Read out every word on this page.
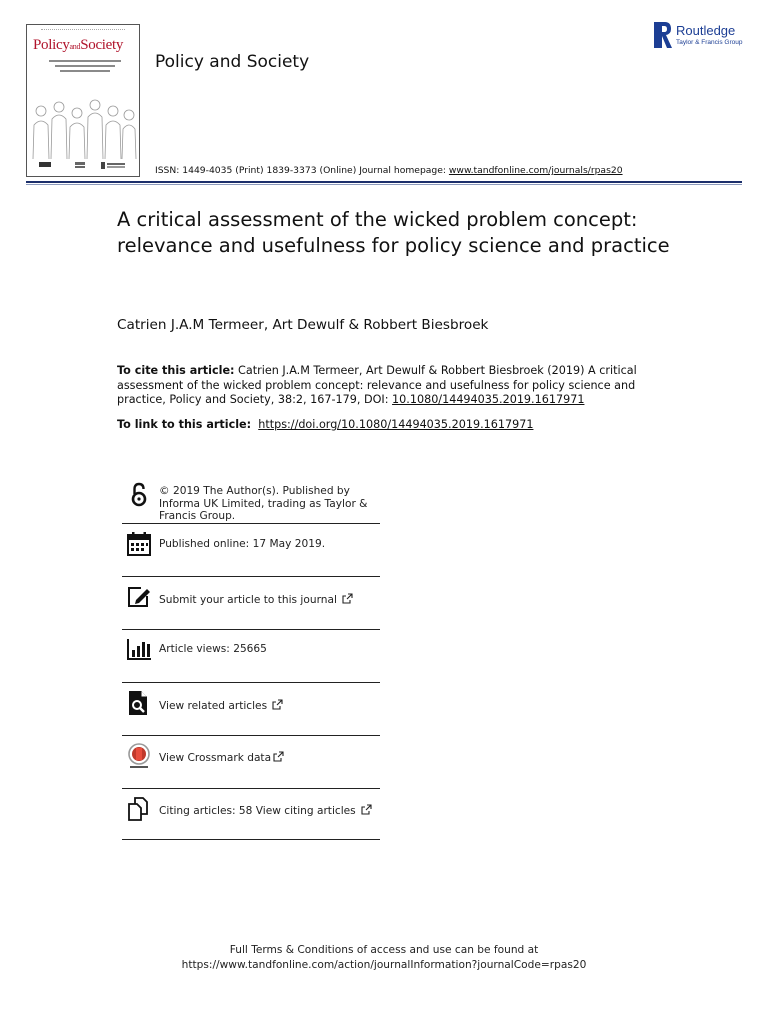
PolicyandSociety
Policy and Society
ISSN: 1449-4035 (Print) 1839-3373 (Online) Journal homepage: www.tandfonline.com/journals/rpas20
Routledge
Taylor & Francis Group
A critical assessment of the wicked problem concept: relevance and usefulness for policy science and practice
Catrien J.A.M Termeer, Art Dewulf & Robbert Biesbroek
To cite this article: Catrien J.A.M Termeer, Art Dewulf & Robbert Biesbroek (2019) A critical assessment of the wicked problem concept: relevance and usefulness for policy science and practice, Policy and Society, 38:2, 167-179, DOI: 10.1080/14494035.2019.1617971
To link to this article: https://doi.org/10.1080/14494035.2019.1617971
© 2019 The Author(s). Published by Informa UK Limited, trading as Taylor & Francis Group.
Published online: 17 May 2019.
Submit your article to this journal
Article views: 25665
View related articles
View Crossmark data
Citing articles: 58 View citing articles
Full Terms & Conditions of access and use can be found at
https://www.tandfonline.com/action/journalInformation?journalCode=rpas20
